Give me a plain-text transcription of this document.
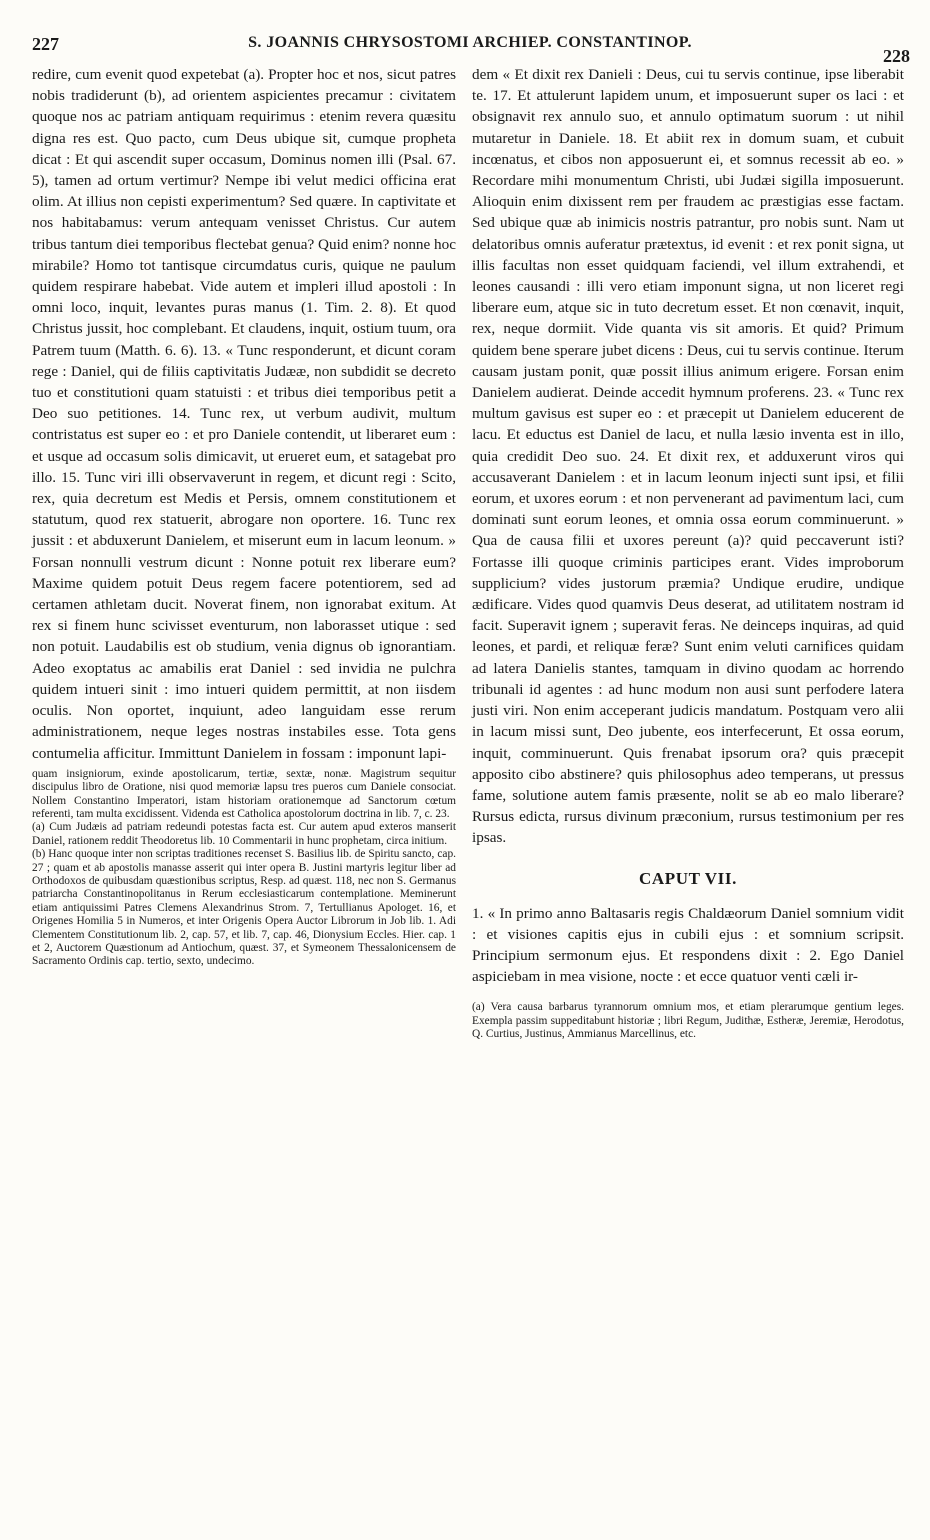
227	S. JOANNIS CHRYSOSTOMI ARCHIEP. CONSTANTINOP.
228

redire, cum evenit quod expetebat (a). Propter hoc et nos, sicut patres nobis tradiderunt (b), ad orientem aspicientes precamur : civitatem quoque nos ac patriam antiquam requirimus : etenim revera quæsitu digna res est. Quo pacto, cum Deus ubique sit, cumque propheta dicat : Et qui ascendit super occasum, Dominus nomen illi (Psal. 67. 5), tamen ad ortum vertimur? Nempe ibi velut medici officina erat olim. At illius non cepisti experimentum? Sed quære. In captivitate et nos habitabamus: verum antequam venisset Christus. Cur autem tribus tantum diei temporibus flectebat genua? Quid enim? nonne hoc mirabile? Homo tot tantisque circumdatus curis, quique ne paulum quidem respirare habebat. Vide autem et impleri illud apostoli : In omni loco, inquit, levantes puras manus (1. Tim. 2. 8). Et quod Christus jussit, hoc complebant. Et claudens, inquit, ostium tuum, ora Patrem tuum (Matth. 6. 6). 13. « Tunc responderunt, et dicunt coram rege : Daniel, qui de filiis captivitatis Judææ, non subdidit se decreto tuo et constitutioni quam statuisti : et tribus diei temporibus petit a Deo suo petitiones. 14. Tunc rex, ut verbum audivit, multum contristatus est super eo : et pro Daniele contendit, ut liberaret eum : et usque ad occasum solis dimicavit, ut erueret eum, et satagebat pro illo. 15. Tunc viri illi observaverunt in regem, et dicunt regi : Scito, rex, quia decretum est Medis et Persis, omnem constitutionem et statutum, quod rex statuerit, abrogare non oportere. 16. Tunc rex jussit : et abduxerunt Danielem, et miserunt eum in lacum leonum. » Forsan nonnulli vestrum dicunt : Nonne potuit rex liberare eum? Maxime quidem potuit Deus regem facere potentiorem, sed ad certamen athletam ducit. Noverat finem, non ignorabat exitum. At rex si finem hunc scivisset eventurum, non laborasset utique : sed non potuit. Laudabilis est ob studium, venia dignus ob ignorantiam. Adeo exoptatus ac amabilis erat Daniel : sed invidia ne pulchra quidem intueri sinit : imo intueri quidem permittit, at non iisdem oculis. Non oportet, inquiunt, adeo languidam esse rerum administrationem, neque leges nostras instabiles esse. Tota gens contumelia afficitur. Immittunt Danielem in fossam : imponunt lapi-

quam insigniorum, exinde apostolicarum, tertiæ, sextæ, nonæ. Magistrum sequitur discipulus libro de Oratione, nisi quod memoriæ lapsu tres pueros cum Daniele consociat. Nollem Constantino Imperatori, istam historiam orationemque ad Sanctorum cœtum referenti, tam multa excidissent. Videnda est Catholica apostolorum doctrina in lib. 7, c. 23.

(a) Cum Judæis ad patriam redeundi potestas facta est. Cur autem apud exteros manserit Daniel, rationem reddit Theodoretus lib. 10 Commentarii in hunc prophetam, circa initium.

(b) Hanc quoque inter non scriptas traditiones recenset S. Basilius lib. de Spiritu sancto, cap. 27 ; quam et ab apostolis manasse asserit qui inter opera B. Justini martyris legitur liber ad Orthodoxos de quibusdam quæstionibus scriptus, Resp. ad quæst. 118, nec non S. Germanus patriarcha Constantinopolitanus in Rerum ecclesiasticarum contemplatione. Meminerunt etiam antiquissimi Patres Clemens Alexandrinus Strom. 7, Tertullianus Apologet. 16, et Origenes Homilia 5 in Numeros, et inter Origenis Opera Auctor Librorum in Job lib. 1. Adi Clementem Constitutionum lib. 2, cap. 57, et lib. 7, cap. 46, Dionysium Eccles. Hier. cap. 1 et 2, Auctorem Quæstionum ad Antiochum, quæst. 37, et Symeonem Thessalonicensem de Sacramento Ordinis cap. tertio, sexto, undecimo.

dem « Et dixit rex Danieli : Deus, cui tu servis continue, ipse liberabit te. 17. Et attulerunt lapidem unum, et imposuerunt super os laci : et obsignavit rex annulo suo, et annulo optimatum suorum : ut nihil mutaretur in Daniele. 18. Et abiit rex in domum suam, et cubuit incœnatus, et cibos non apposuerunt ei, et somnus recessit ab eo. » Recordare mihi monumentum Christi, ubi Judæi sigilla imposuerunt. Alioquin enim dixissent rem per fraudem ac præstigias esse factam. Sed ubique quæ ab inimicis nostris patrantur, pro nobis sunt. Nam ut delatoribus omnis auferatur prætextus, id evenit : et rex ponit signa, ut illis facultas non esset quidquam faciendi, vel illum extrahendi, et leones causandi : illi vero etiam imponunt signa, ut non liceret regi liberare eum, atque sic in tuto decretum esset. Et non cœnavit, inquit, rex, neque dormiit. Vide quanta vis sit amoris. Et quid? Primum quidem bene sperare jubet dicens : Deus, cui tu servis continue. Iterum causam justam ponit, quæ possit illius animum erigere. Forsan enim Danielem audierat. Deinde accedit hymnum proferens. 23. « Tunc rex multum gavisus est super eo : et præcepit ut Danielem educerent de lacu. Et eductus est Daniel de lacu, et nulla læsio inventa est in illo, quia credidit Deo suo. 24. Et dixit rex, et adduxerunt viros qui accusaverant Danielem : et in lacum leonum injecti sunt ipsi, et filii eorum, et uxores eorum : et non pervenerant ad pavimentum laci, cum dominati sunt eorum leones, et omnia ossa eorum comminuerunt. » Qua de causa filii et uxores pereunt (a)? quid peccaverunt isti? Fortasse illi quoque criminis participes erant. Vides improborum supplicium? vides justorum præmia? Undique erudire, undique ædificare. Vides quod quamvis Deus deserat, ad utilitatem nostram id facit. Superavit ignem ; superavit feras. Ne deinceps inquiras, ad quid leones, et pardi, et reliquæ feræ? Sunt enim veluti carnifices quidam ad latera Danielis stantes, tamquam in divino quodam ac horrendo tribunali id agentes : ad hunc modum non ausi sunt perfodere latera justi viri. Non enim acceperant judicis mandatum. Postquam vero alii in lacum missi sunt, Deo jubente, eos interfecerunt, Et ossa eorum, inquit, comminuerunt. Quis frenabat ipsorum ora? quis præcepit apposito cibo abstinere? quis philosophus adeo temperans, ut pressus fame, solutione autem famis præsente, nolit se ab eo malo liberare? Rursus edicta, rursus divinum præconium, rursus testimonium per res ipsas.

CAPUT VII.

1. « In primo anno Baltasaris regis Chaldæorum Daniel somnium vidit : et visiones capitis ejus in cubili ejus : et somnium scripsit. Principium sermonum ejus. Et respondens dixit : 2. Ego Daniel aspiciebam in mea visione, nocte : et ecce quatuor venti cæli ir-

(a) Vera causa barbarus tyrannorum omnium mos, et etiam plerarumque gentium leges. Exempla passim suppeditabunt historiæ ; libri Regum, Judithæ, Estheræ, Jeremiæ, Herodotus, Q. Curtius, Justinus, Ammianus Marcellinus, etc.
